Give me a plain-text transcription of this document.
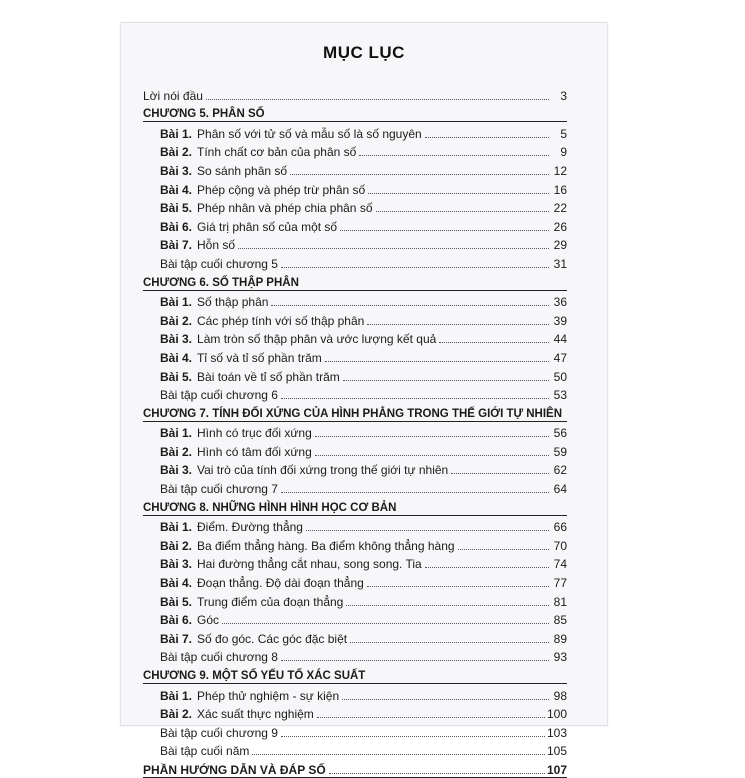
MỤC LỤC
Lời nói đầu	3
CHƯƠNG 5. PHÂN SỐ
Bài 1. Phân số với tử số và mẫu số là số nguyên	5
Bài 2. Tính chất cơ bản của phân số	9
Bài 3. So sánh phân số	12
Bài 4. Phép cộng và phép trừ phân số	16
Bài 5. Phép nhân và phép chia phân số	22
Bài 6. Giá trị phân số của một số	26
Bài 7. Hỗn số	29
Bài tập cuối chương 5	31
CHƯƠNG 6. SỐ THẬP PHÂN
Bài 1. Số thập phân	36
Bài 2. Các phép tính với số thập phân	39
Bài 3. Làm tròn số thập phân và ước lượng kết quả	44
Bài 4. Tỉ số và tỉ số phần trăm	47
Bài 5. Bài toán về tỉ số phần trăm	50
Bài tập cuối chương 6	53
CHƯƠNG 7. TÍNH ĐỐI XỨNG CỦA HÌNH PHẲNG TRONG THẾ GIỚI TỰ NHIÊN
Bài 1. Hình có trục đối xứng	56
Bài 2. Hình có tâm đối xứng	59
Bài 3. Vai trò của tính đối xứng trong thế giới tự nhiên	62
Bài tập cuối chương 7	64
CHƯƠNG 8. NHỮNG HÌNH HÌNH HỌC CƠ BẢN
Bài 1. Điểm. Đường thẳng	66
Bài 2. Ba điểm thẳng hàng. Ba điểm không thẳng hàng	70
Bài 3. Hai đường thẳng cắt nhau, song song. Tia	74
Bài 4. Đoạn thẳng. Độ dài đoạn thẳng	77
Bài 5. Trung điểm của đoạn thẳng	81
Bài 6. Góc	85
Bài 7. Số đo góc. Các góc đặc biệt	89
Bài tập cuối chương 8	93
CHƯƠNG 9. MỘT SỐ YẾU TỐ XÁC SUẤT
Bài 1. Phép thử nghiệm - sự kiện	98
Bài 2. Xác suất thực nghiệm	100
Bài tập cuối chương 9	103
Bài tập cuối năm	105
PHẦN HƯỚNG DẪN VÀ ĐÁP SỐ	107
